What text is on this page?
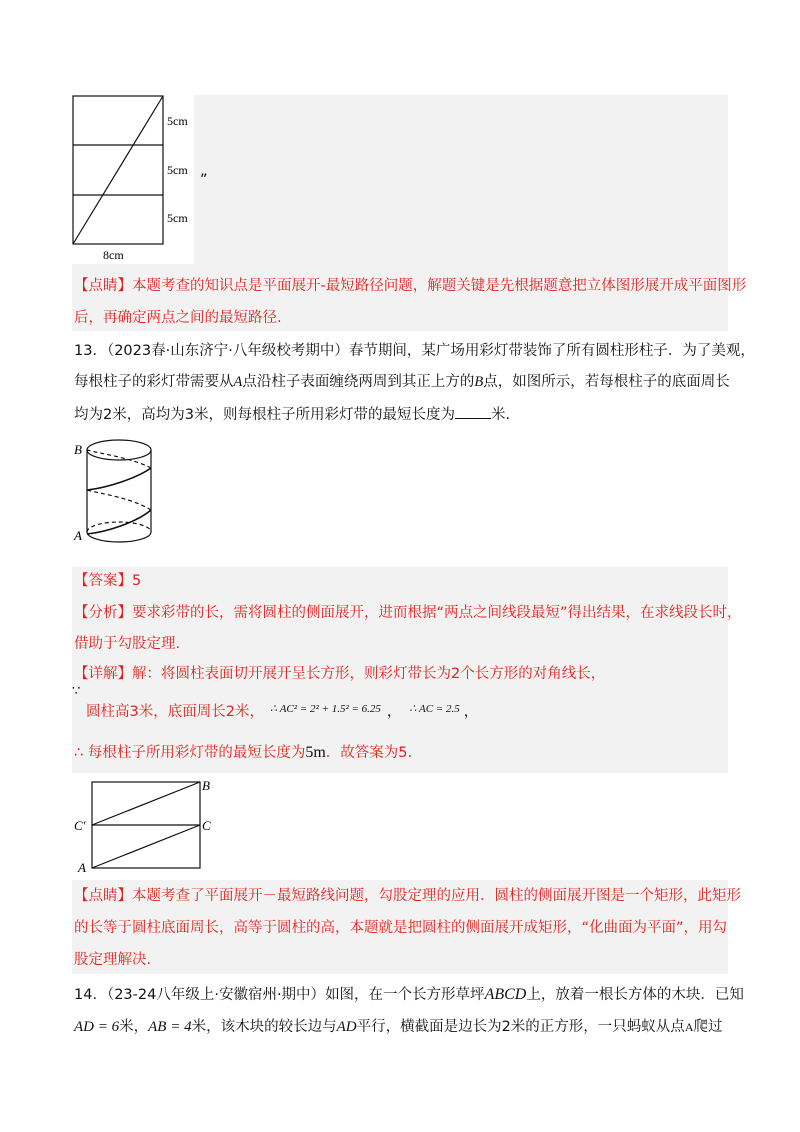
5cm
5cm
5cm
8cm
”
【点睛】本题考查的知识点是平面展开-最短路径问题，解题关键是先根据题意把立体图形展开成平面图形
后，再确定两点之间的最短路径.
13．（2023春·山东济宁·八年级校考期中）春节期间，某广场用彩灯带装饰了所有圆柱形柱子．为了美观，
每根柱子的彩灯带需要从A点沿柱子表面缠绕两周到其正上方的B点，如图所示，若每根柱子的底面周长
均为2米，高均为3米，则每根柱子所用彩灯带的最短长度为 米.
B
A
【答案】5
【分析】要求彩带的长，需将圆柱的侧面展开，进而根据“两点之间线段最短”得出结果，在求线段长时，
借助于勾股定理.
【详解】解：将圆柱表面切开展开呈长方形，则彩灯带长为2个长方形的对角线长，
∵
圆柱高3米，底面周长2米， $^{\therefore AC^2 = 2^2 + 1.5^2 = 6.25}$ ， $^{\therefore AC = 2.5}$ ，
∴ 每根柱子所用彩灯带的最短长度为5m．故答案为5.
B
C′	C
A
【点睛】本题考查了平面展开－最短路线问题，勾股定理的应用．圆柱的侧面展开图是一个矩形，此矩形
的长等于圆柱底面周长，高等于圆柱的高，本题就是把圆柱的侧面展开成矩形，“化曲面为平面”，用勾
股定理解决.
14．（23-24八年级上·安徽宿州·期中）如图，在一个长方形草坪ABCD上，放着一根长方体的木块．已知
AD = 6米，AB = 4米，该木块的较长边与AD平行，横截面是边长为2米的正方形，一只蚂蚁从点A爬过
